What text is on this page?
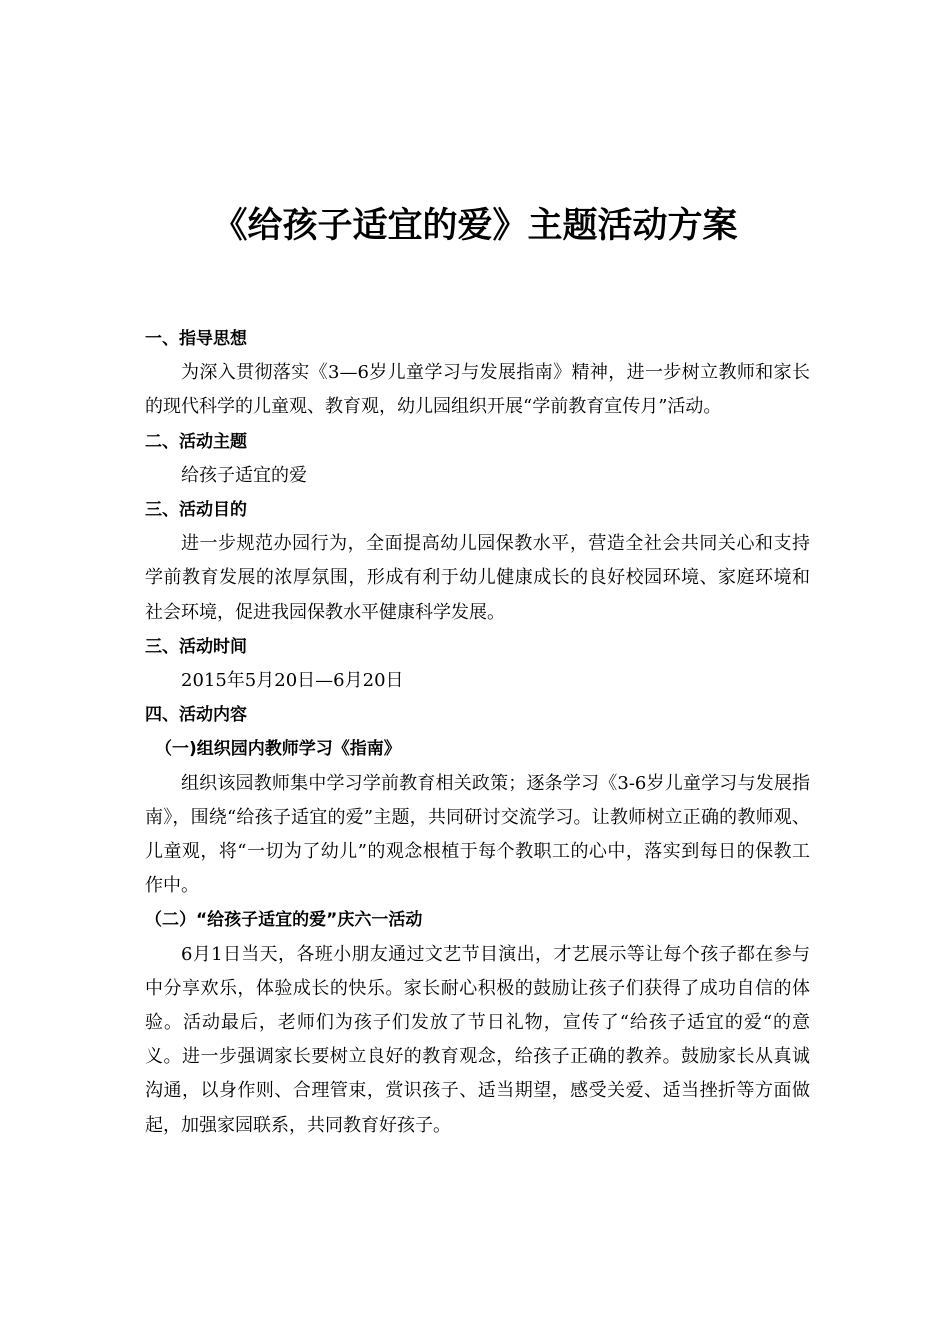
《给孩子适宜的爱》主题活动方案

一、指导思想

为深入贯彻落实《3—6岁儿童学习与发展指南》精神，进一步树立教师和家长的现代科学的儿童观、教育观，幼儿园组织开展“学前教育宣传月”活动。

二、活动主题

给孩子适宜的爱

三、活动目的

进一步规范办园行为，全面提高幼儿园保教水平，营造全社会共同关心和支持学前教育发展的浓厚氛围，形成有利于幼儿健康成长的良好校园环境、家庭环境和社会环境，促进我园保教水平健康科学发展。

三、活动时间

2015年5月20日—6月20日

四、活动内容

（一)组织园内教师学习《指南》

组织该园教师集中学习学前教育相关政策；逐条学习《3-6岁儿童学习与发展指南》，围绕“给孩子适宜的爱”主题，共同研讨交流学习。让教师树立正确的教师观、儿童观，将“一切为了幼儿”的观念根植于每个教职工的心中，落实到每日的保教工作中。

（二）“给孩子适宜的爱”庆六一活动

6月1日当天，各班小朋友通过文艺节目演出，才艺展示等让每个孩子都在参与中分享欢乐，体验成长的快乐。家长耐心积极的鼓励让孩子们获得了成功自信的体验。活动最后，老师们为孩子们发放了节日礼物，宣传了“给孩子适宜的爱“的意义。进一步强调家长要树立良好的教育观念，给孩子正确的教养。鼓励家长从真诚沟通，以身作则、合理管束，赏识孩子、适当期望，感受关爱、适当挫折等方面做起，加强家园联系，共同教育好孩子。
